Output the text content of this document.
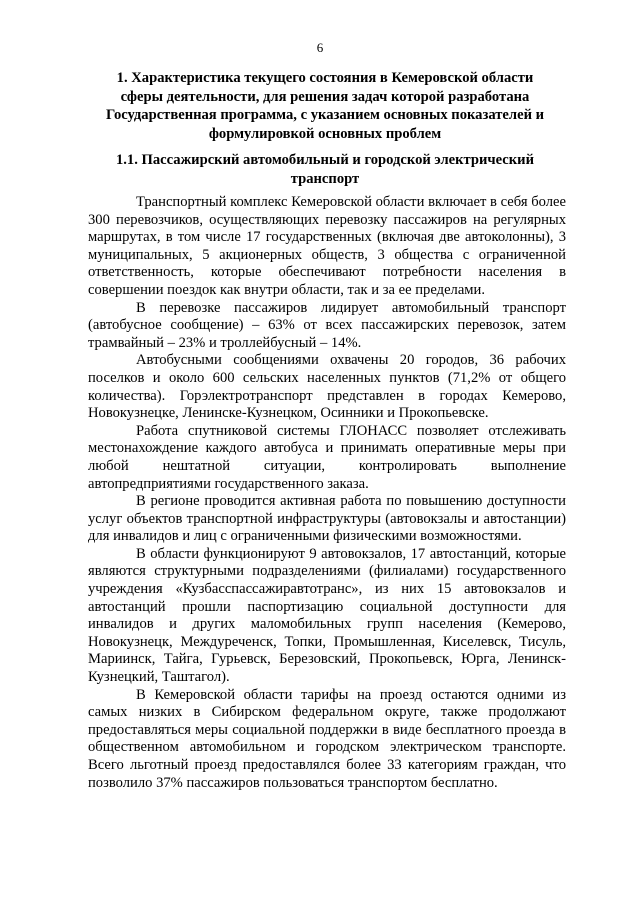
6
1. Характеристика текущего состояния в Кемеровской области сферы деятельности, для решения задач которой разработана Государственная программа, с указанием основных показателей и формулировкой основных проблем
1.1. Пассажирский автомобильный и городской электрический транспорт

Транспортный комплекс Кемеровской области включает в себя более 300 перевозчиков, осуществляющих перевозку пассажиров на регулярных маршрутах, в том числе 17 государственных (включая две автоколонны), 3 муниципальных, 5 акционерных обществ, 3 общества с ограниченной ответственность, которые обеспечивают потребности населения в совершении поездок как внутри области, так и за ее пределами.

В перевозке пассажиров лидирует автомобильный транспорт (автобусное сообщение) – 63% от всех пассажирских перевозок, затем трамвайный – 23% и троллейбусный – 14%.

Автобусными сообщениями охвачены 20 городов, 36 рабочих поселков и около 600 сельских населенных пунктов (71,2% от общего количества). Горэлектротранспорт представлен в городах Кемерово, Новокузнецке, Ленинске-Кузнецком, Осинники и Прокопьевске.

Работа спутниковой системы ГЛОНАСС позволяет отслеживать местонахождение каждого автобуса и принимать оперативные меры при любой нештатной ситуации, контролировать выполнение автопредприятиями государственного заказа.

В регионе проводится активная работа по повышению доступности услуг объектов транспортной инфраструктуры (автовокзалы и автостанции) для инвалидов и лиц с ограниченными физическими возможностями.

В области функционируют 9 автовокзалов, 17 автостанций, которые являются структурными подразделениями (филиалами) государственного учреждения «Кузбасспассажиравтотранс», из них 15 автовокзалов и автостанций прошли паспортизацию социальной доступности для инвалидов и других маломобильных групп населения (Кемерово, Новокузнецк, Междуреченск, Топки, Промышленная, Киселевск, Тисуль, Мариинск, Тайга, Гурьевск, Березовский, Прокопьевск, Юрга, Ленинск-Кузнецкий, Таштагол).

В Кемеровской области тарифы на проезд остаются одними из самых низких в Сибирском федеральном округе, также продолжают предоставляться меры социальной поддержки в виде бесплатного проезда в общественном автомобильном и городском электрическом транспорте. Всего льготный проезд предоставлялся более 33 категориям граждан, что позволило 37% пассажиров пользоваться транспортом бесплатно.
